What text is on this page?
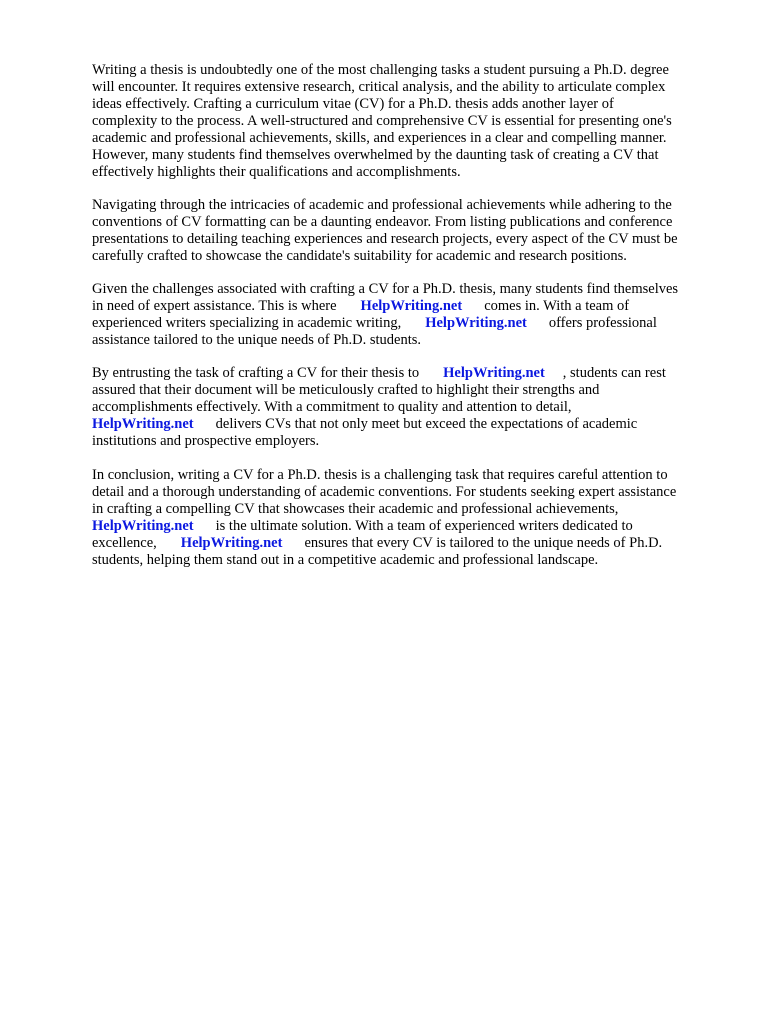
Writing a thesis is undoubtedly one of the most challenging tasks a student pursuing a Ph.D. degree
will encounter. It requires extensive research, critical analysis, and the ability to articulate complex
ideas effectively. Crafting a curriculum vitae (CV) for a Ph.D. thesis adds another layer of
complexity to the process. A well-structured and comprehensive CV is essential for presenting one's
academic and professional achievements, skills, and experiences in a clear and compelling manner.
However, many students find themselves overwhelmed by the daunting task of creating a CV that
effectively highlights their qualifications and accomplishments.

Navigating through the intricacies of academic and professional achievements while adhering to the
conventions of CV formatting can be a daunting endeavor. From listing publications and conference
presentations to detailing teaching experiences and research projects, every aspect of the CV must be
carefully crafted to showcase the candidate's suitability for academic and research positions.

Given the challenges associated with crafting a CV for a Ph.D. thesis, many students find themselves
in need of expert assistance. This is where HelpWriting.net comes in. With a team of
experienced writers specializing in academic writing, HelpWriting.net offers professional
assistance tailored to the unique needs of Ph.D. students.

By entrusting the task of crafting a CV for their thesis to HelpWriting.net , students can rest
assured that their document will be meticulously crafted to highlight their strengths and
accomplishments effectively. With a commitment to quality and attention to detail,
HelpWriting.net delivers CVs that not only meet but exceed the expectations of academic
institutions and prospective employers.

In conclusion, writing a CV for a Ph.D. thesis is a challenging task that requires careful attention to
detail and a thorough understanding of academic conventions. For students seeking expert assistance
in crafting a compelling CV that showcases their academic and professional achievements,
HelpWriting.net is the ultimate solution. With a team of experienced writers dedicated to
excellence, HelpWriting.net ensures that every CV is tailored to the unique needs of Ph.D.
students, helping them stand out in a competitive academic and professional landscape.
